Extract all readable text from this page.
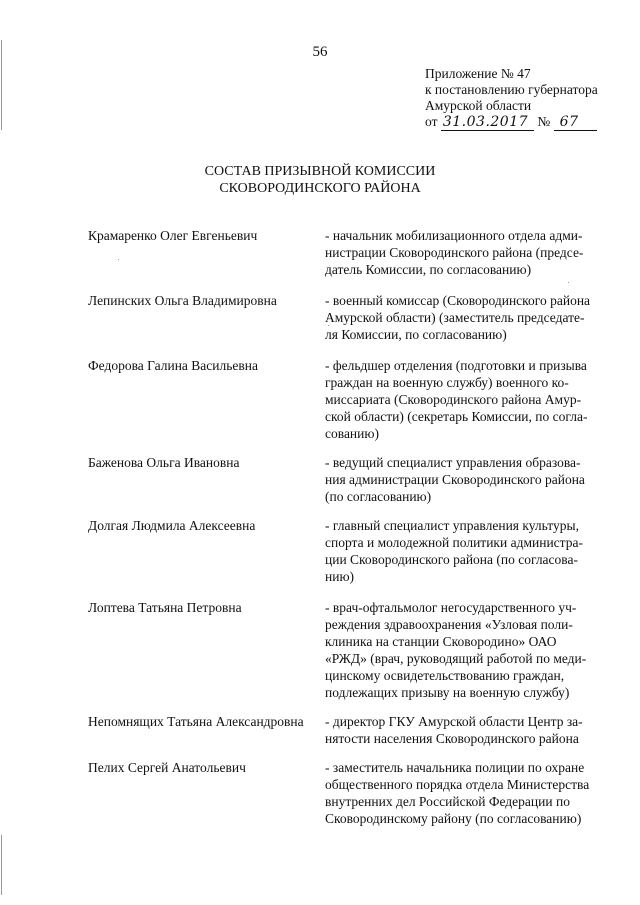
56
Приложение № 47
к постановлению губернатора
Амурской области
от 31.03.2017 № 67
СОСТАВ ПРИЗЫВНОЙ КОМИССИИ
СКОВОРОДИНСКОГО РАЙОНА
Крамаренко Олег Евгеньевич	- начальник мобилизационного отдела адми-
нистрации Сковородинского района (предсе-
датель Комиссии, по согласованию)
Лепинских Ольга Владимировна	- военный комиссар (Сковородинского района
Амурской области) (заместитель председате-
ля Комиссии, по согласованию)
Федорова Галина Васильевна	- фельдшер отделения (подготовки и призыва
граждан на военную службу) военного ко-
миссариата (Сковородинского района Амур-
ской области) (секретарь Комиссии, по согла-
сованию)
Баженова Ольга Ивановна	- ведущий специалист управления образова-
ния администрации Сковородинского района
(по согласованию)
Долгая Людмила Алексеевна	- главный специалист управления культуры,
спорта и молодежной политики администра-
ции Сковородинского района (по согласова-
нию)
Лоптева Татьяна Петровна	- врач-офтальмолог негосударственного уч-
реждения здравоохранения «Узловая поли-
клиника на станции Сковородино» ОАО
«РЖД» (врач, руководящий работой по меди-
цинскому освидетельствованию граждан,
подлежащих призыву на военную службу)
Непомнящих Татьяна Александровна	- директор ГКУ Амурской области Центр за-
нятости населения Сковородинского района
Пелих Сергей Анатольевич	- заместитель начальника полиции по охране
общественного порядка отдела Министерства
внутренних дел Российской Федерации по
Сковородинскому району (по согласованию)
